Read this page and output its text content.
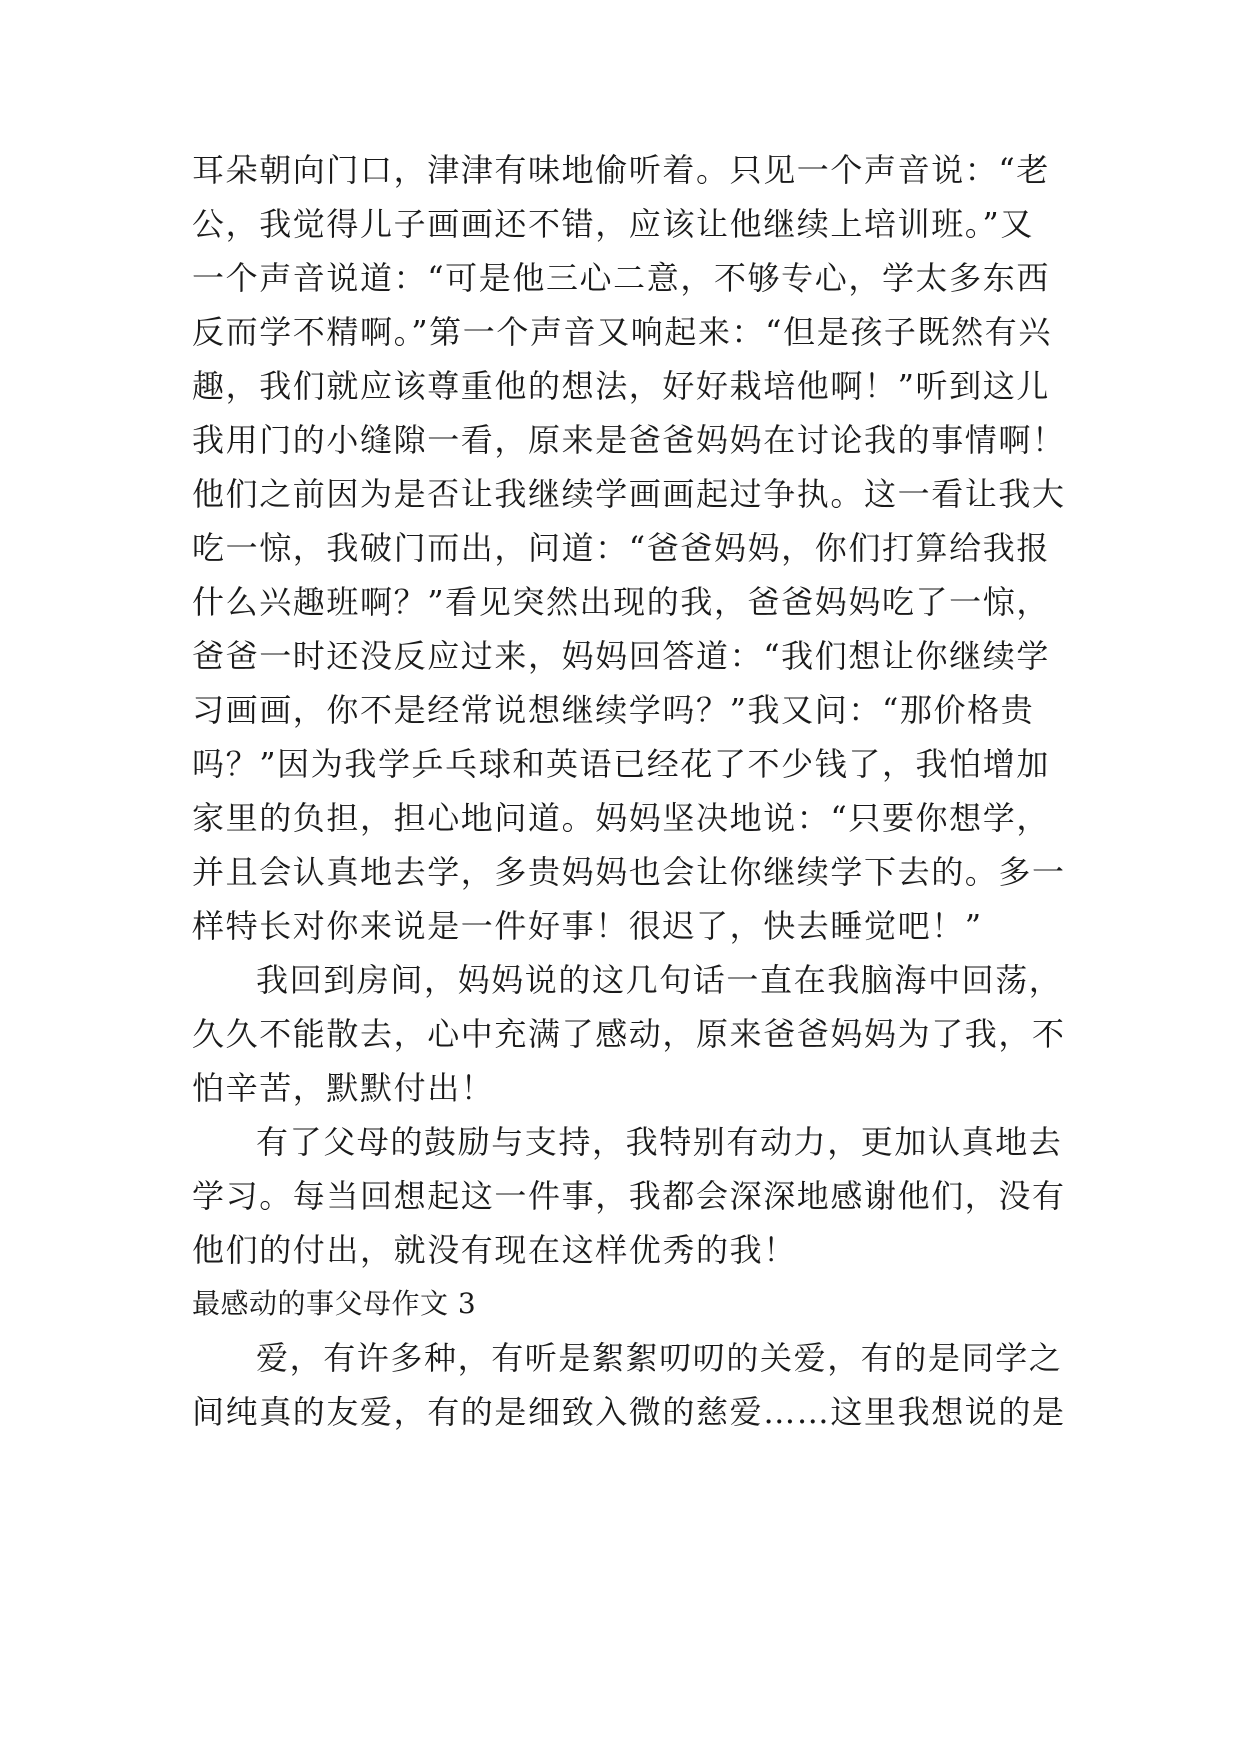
耳朵朝向门口，津津有味地偷听着。只见一个声音说：“老
公，我觉得儿子画画还不错，应该让他继续上培训班。”又
一个声音说道：“可是他三心二意，不够专心，学太多东西
反而学不精啊。”第一个声音又响起来：“但是孩子既然有兴
趣，我们就应该尊重他的想法，好好栽培他啊！”听到这儿
我用门的小缝隙一看，原来是爸爸妈妈在讨论我的事情啊！
他们之前因为是否让我继续学画画起过争执。这一看让我大
吃一惊，我破门而出，问道：“爸爸妈妈，你们打算给我报
什么兴趣班啊？”看见突然出现的我，爸爸妈妈吃了一惊，
爸爸一时还没反应过来，妈妈回答道：“我们想让你继续学
习画画，你不是经常说想继续学吗？”我又问：“那价格贵
吗？”因为我学乒乓球和英语已经花了不少钱了，我怕增加
家里的负担，担心地问道。妈妈坚决地说：“只要你想学，
并且会认真地去学，多贵妈妈也会让你继续学下去的。多一
样特长对你来说是一件好事！很迟了，快去睡觉吧！”
我回到房间，妈妈说的这几句话一直在我脑海中回荡，
久久不能散去，心中充满了感动，原来爸爸妈妈为了我，不
怕辛苦，默默付出！
有了父母的鼓励与支持，我特别有动力，更加认真地去
学习。每当回想起这一件事，我都会深深地感谢他们，没有
他们的付出，就没有现在这样优秀的我！
最感动的事父母作文 3
爱，有许多种，有听是絮絮叨叨的关爱，有的是同学之
间纯真的友爱，有的是细致入微的慈爱……这里我想说的是
